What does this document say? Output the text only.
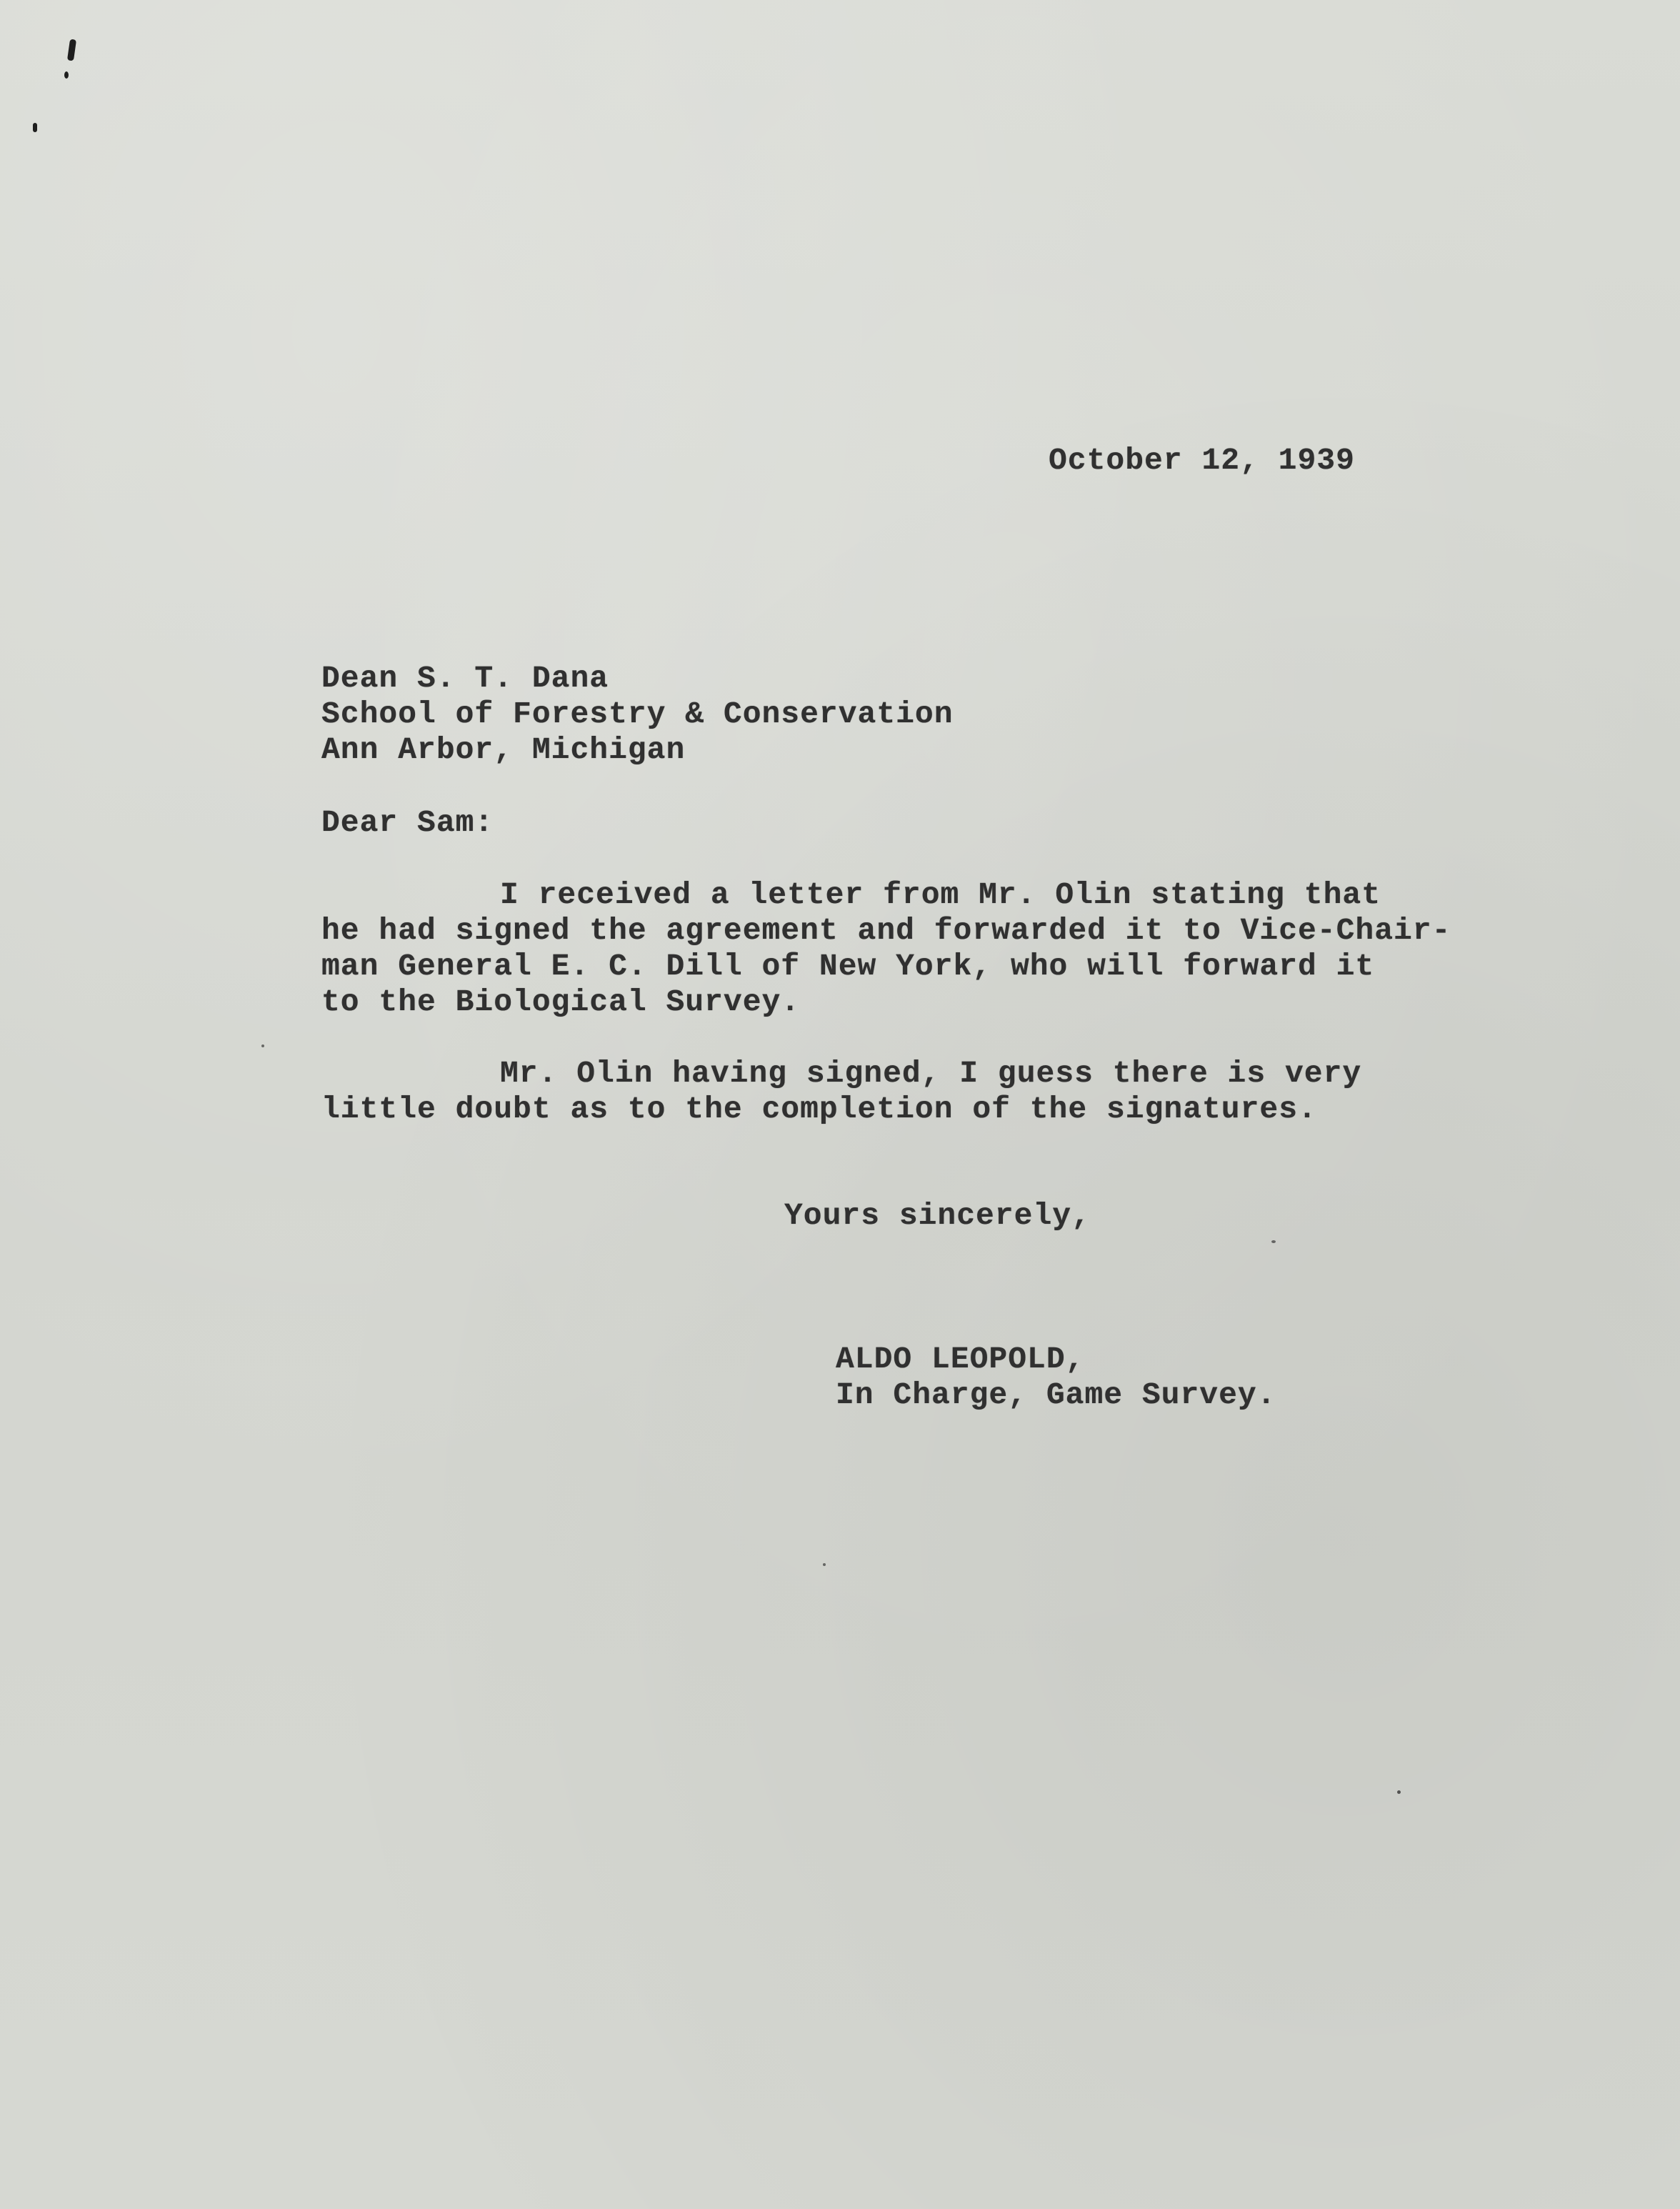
October 12, 1939
Dean S. T. Dana
School of Forestry & Conservation
Ann Arbor, Michigan
Dear Sam:
I received a letter from Mr. Olin stating that
he had signed the agreement and forwarded it to Vice-Chair-
man General E. C. Dill of New York, who will forward it
to the Biological Survey.
Mr. Olin having signed, I guess there is very
little doubt as to the completion of the signatures.
Yours sincerely,
ALDO LEOPOLD,
In Charge, Game Survey.
